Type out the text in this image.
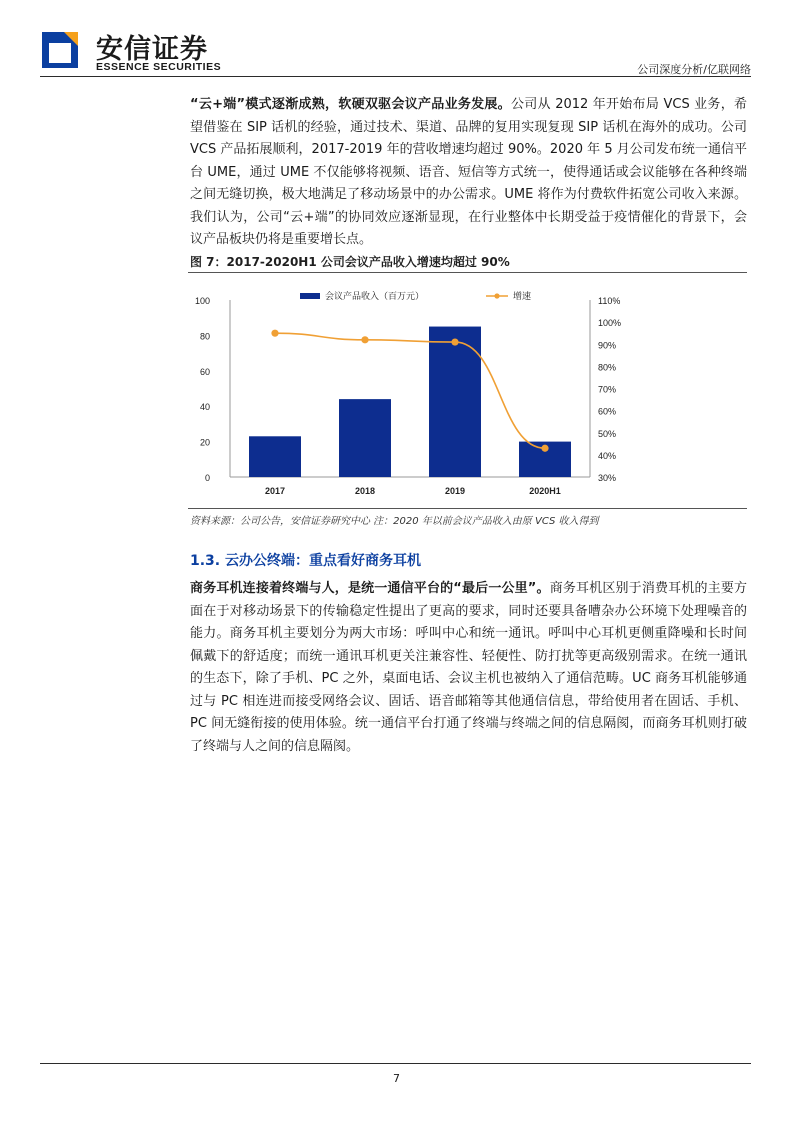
安信证券
ESSENCE SECURITIES	公司深度分析/亿联网络
“云+端”模式逐渐成熟，软硬双驱会议产品业务发展。公司从 2012 年开始布局 VCS 业务，希望借鉴在 SIP 话机的经验，通过技术、渠道、品牌的复用实现复现 SIP 话机在海外的成功。公司 VCS 产品拓展顺利，2017-2019 年的营收增速均超过 90%。2020 年 5 月公司发布统一通信平台 UME，通过 UME 不仅能够将视频、语音、短信等方式统一，使得通话或会议能够在各种终端之间无缝切换，极大地满足了移动场景中的办公需求。UME 将作为付费软件拓宽公司收入来源。我们认为，公司“云+端”的协同效应逐渐显现，在行业整体中长期受益于疫情催化的背景下，会议产品板块仍将是重要增长点。
图 7：2017-2020H1 公司会议产品收入增速均超过 90%
0
20
40
60
80
100
30%
40%
50%
60%
70%
80%
90%
100%
110%
2017	2018	2019	2020H1
会议产品收入（百万元）	增速
资料来源：公司公告，安信证券研究中心 注：2020 年以前会议产品收入由原 VCS 收入得到
1.3. 云办公终端：重点看好商务耳机
商务耳机连接着终端与人，是统一通信平台的“最后一公里”。商务耳机区别于消费耳机的主要方面在于对移动场景下的传输稳定性提出了更高的要求，同时还要具备嘈杂办公环境下处理噪音的能力。商务耳机主要划分为两大市场：呼叫中心和统一通讯。呼叫中心耳机更侧重降噪和长时间佩戴下的舒适度；而统一通讯耳机更关注兼容性、轻便性、防打扰等更高级别需求。在统一通讯的生态下，除了手机、PC 之外，桌面电话、会议主机也被纳入了通信范畴。UC 商务耳机能够通过与 PC 相连进而接受网络会议、固话、语音邮箱等其他通信信息，带给使用者在固话、手机、PC 间无缝衔接的使用体验。统一通信平台打通了终端与终端之间的信息隔阂，而商务耳机则打破了终端与人之间的信息隔阂。
7
